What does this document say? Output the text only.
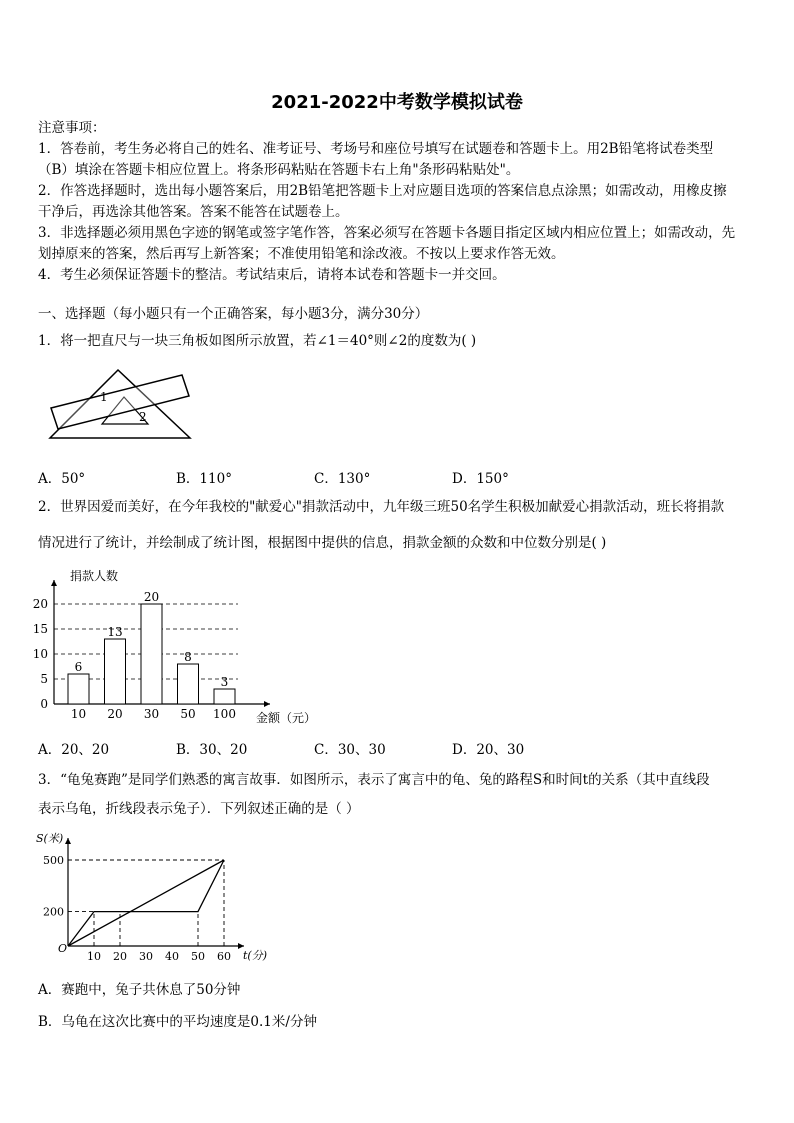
2021-2022中考数学模拟试卷
注意事项：
1．答卷前，考生务必将自己的姓名、准考证号、考场号和座位号填写在试题卷和答题卡上。用2B铅笔将试卷类型
（B）填涂在答题卡相应位置上。将条形码粘贴在答题卡右上角"条形码粘贴处"。
2．作答选择题时，选出每小题答案后，用2B铅笔把答题卡上对应题目选项的答案信息点涂黑；如需改动，用橡皮擦
干净后，再选涂其他答案。答案不能答在试题卷上。
3．非选择题必须用黑色字迹的钢笔或签字笔作答，答案必须写在答题卡各题目指定区域内相应位置上；如需改动，先
划掉原来的答案，然后再写上新答案；不准使用铅笔和涂改液。不按以上要求作答无效。
4．考生必须保证答题卡的整洁。考试结束后，请将本试卷和答题卡一并交回。
一、选择题（每小题只有一个正确答案，每小题3分，满分30分）
1．将一把直尺与一块三角板如图所示放置，若∠1＝40°则∠2的度数为( )
1
2
A．50°	B．110°	C．130°	D．150°
2．世界因爱而美好，在今年我校的"献爱心"捐款活动中，九年级三班50名学生积极加献爱心捐款活动，班长将捐款
情况进行了统计，并绘制成了统计图，根据图中提供的信息，捐款金额的众数和中位数分别是( )
捐款人数
金额（元）
0
5
10
15
20
6
10
13
20
20
30
8
50
3
100
A．20、20	B．30、20	C．30、30	D．20、30
3．“龟兔赛跑”是同学们熟悉的寓言故事．如图所示，表示了寓言中的龟、兔的路程S和时间t的关系（其中直线段
表示乌龟，折线段表示兔子）．下列叙述正确的是（ ）
S(米)
t(分)
O
10 20 30 40 50 60
200
500
A．赛跑中，兔子共休息了50分钟
B．乌龟在这次比赛中的平均速度是0.1米/分钟
